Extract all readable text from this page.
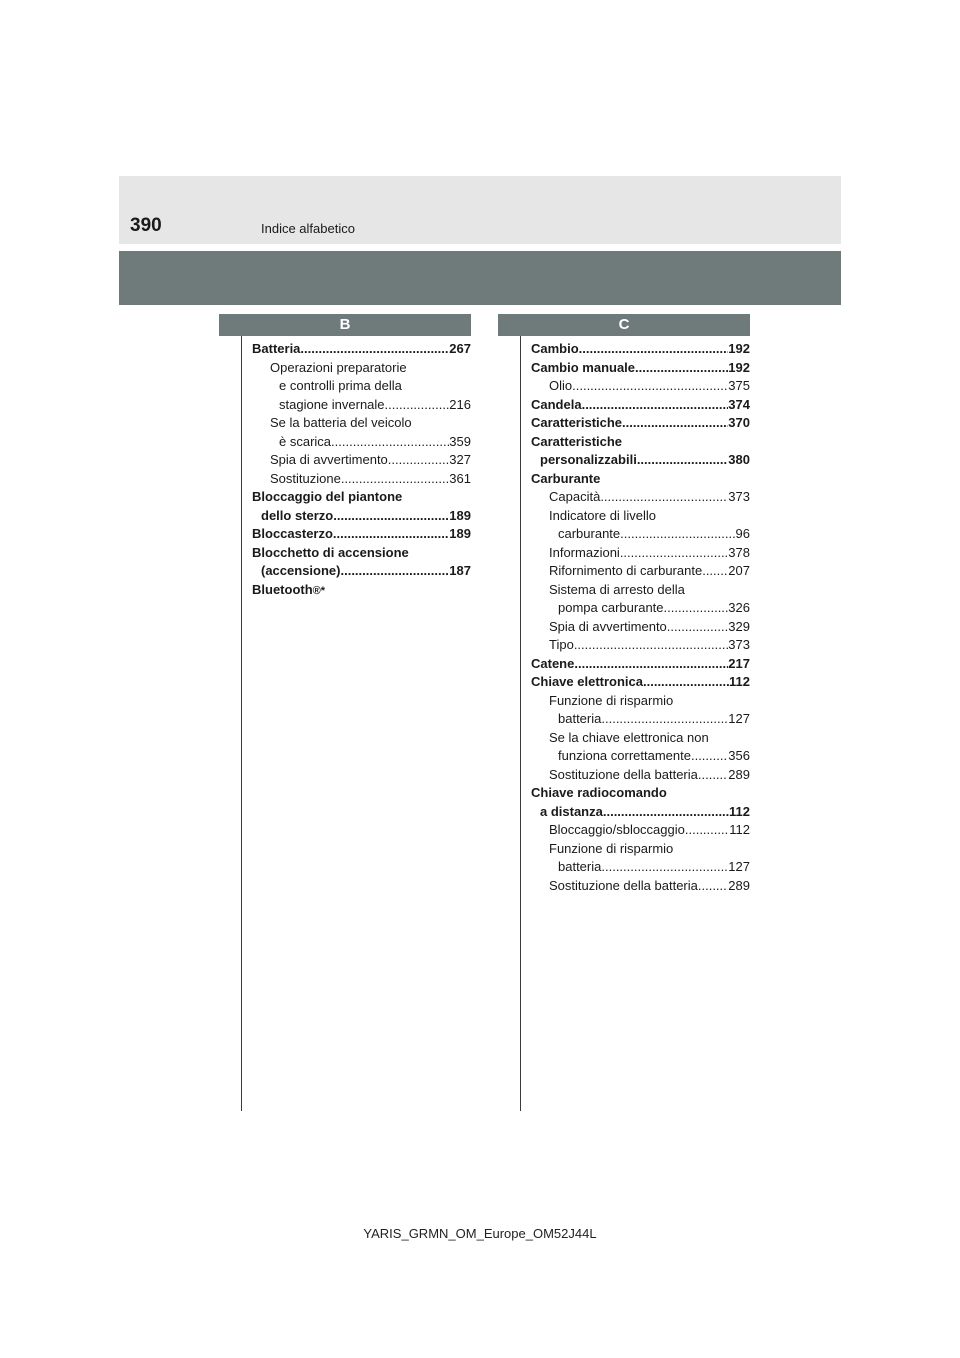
390	Indice alfabetico
B
Batteria .....	267
Operazioni preparatorie
e controlli prima della
stagione invernale .....	216
Se la batteria del veicolo
è scarica .....	359
Spia di avvertimento .....	327
Sostituzione .....	361
Bloccaggio del piantone
dello sterzo .....	189
Bloccasterzo .....	189
Blocchetto di accensione
(accensione) .....	187
Bluetooth ®*
C
Cambio .....	192
Cambio manuale .....	192
Olio .....	375
Candela .....	374
Caratteristiche .....	370
Caratteristiche
personalizzabili .....	380
Carburante
Capacità .....	373
Indicatore di livello
carburante .....	96
Informazioni .....	378
Rifornimento di carburante ..... 207
Sistema di arresto della
pompa carburante .....	326
Spia di avvertimento .....	329
Tipo .....	373
Catene .....	217
Chiave elettronica .....	112
Funzione di risparmio
batteria .....	127
Se la chiave elettronica non
funziona correttamente .....	356
Sostituzione della batteria ..... 289
Chiave radiocomando
a distanza .....	112
Bloccaggio/sbloccaggio .....	112
Funzione di risparmio
batteria .....	127
Sostituzione della batteria ..... 289
YARIS_GRMN_OM_Europe_OM52J44L
